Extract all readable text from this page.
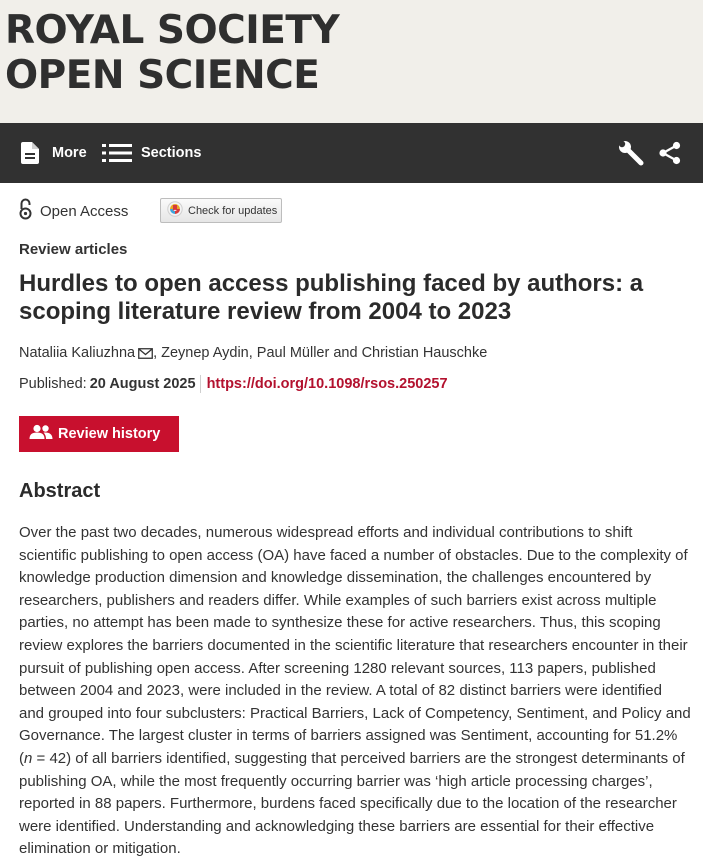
ROYAL SOCIETY
OPEN SCIENCE
More	Sections
Open Access	Check for updates
Review articles
Hurdles to open access publishing faced by authors: a scoping literature review from 2004 to 2023
Nataliia Kaliuzhna , Zeynep Aydin, Paul Müller and Christian Hauschke
Published: 20 August 2025 https://doi.org/10.1098/rsos.250257
Review history
Abstract

Over the past two decades, numerous widespread efforts and individual contributions to shift scientific publishing to open access (OA) have faced a number of obstacles. Due to the complexity of knowledge production dimension and knowledge dissemination, the challenges encountered by researchers, publishers and readers differ. While examples of such barriers exist across multiple parties, no attempt has been made to synthesize these for active researchers. Thus, this scoping review explores the barriers documented in the scientific literature that researchers encounter in their pursuit of publishing open access. After screening 1280 relevant sources, 113 papers, published between 2004 and 2023, were included in the review. A total of 82 distinct barriers were identified and grouped into four subclusters: Practical Barriers, Lack of Competency, Sentiment, and Policy and Governance. The largest cluster in terms of barriers assigned was Sentiment, accounting for 51.2% (n = 42) of all barriers identified, suggesting that perceived barriers are the strongest determinants of publishing OA, while the most frequently occurring barrier was ‘high article processing charges’, reported in 88 papers. Furthermore, burdens faced specifically due to the location of the researcher were identified. Understanding and acknowledging these barriers are essential for their effective elimination or mitigation.
